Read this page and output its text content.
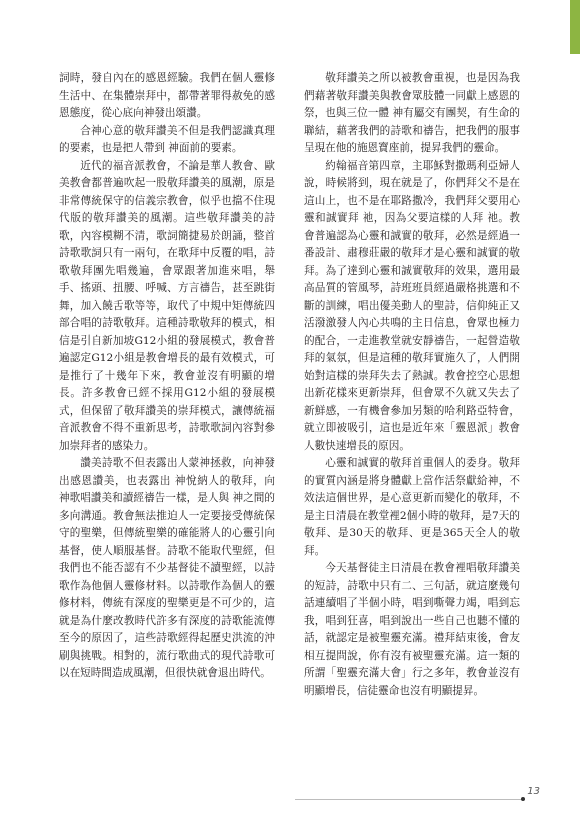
詞時，發自內在的感恩經驗。我們在個人靈修生活中、在集體崇拜中，都帶著罪得赦免的感恩態度，從心底向神發出頌讚。

合神心意的敬拜讚美不但是我們認識真理的要素，也是把人帶到 神面前的要素。

近代的福音派教會，不論是華人教會、歐美教會都普遍吹起一股敬拜讚美的風潮，原是非常傳統保守的信義宗教會，似乎也擋不住現代版的敬拜讚美的風潮。這些敬拜讚美的詩歌，內容模糊不清，歌詞簡捷易於朗誦，整首詩歌歌詞只有一兩句，在歌拜中反覆的唱，詩歌敬拜團先唱幾遍，會眾跟著加進來唱，舉手、搖頭、扭腰、呼喊、方言禱告，甚至跳街舞，加入饒舌歌等等，取代了中規中矩傳統四部合唱的詩歌敬拜。這種詩歌敬拜的模式，相信是引自新加坡G12小組的發展模式，教會普遍認定G12小組是教會增長的最有效模式，可是推行了十幾年下來，教會並沒有明顯的增長。許多教會已經不採用G12小組的發展模式，但保留了敬拜讚美的崇拜模式，讓傳統福音派教會不得不重新思考，詩歌歌詞內容對參加崇拜者的感染力。

讚美詩歌不但表露出人蒙神拯救，向神發出感恩讚美，也表露出 神悅納人的敬拜，向 神歌唱讚美和讀經禱告一樣，是人與 神之間的多向溝通。教會無法推迫人一定要接受傳統保守的聖樂，但傳統聖樂的確能將人的心靈引向基督，使人順服基督。詩歌不能取代聖經，但我們也不能否認有不少基督徒不讀聖經，以詩歌作為他個人靈修材料。以詩歌作為個人的靈修材料，傳統有深度的聖樂更是不可少的，這就是為什麼改教時代許多有深度的詩歌能流傳至今的原因了，這些詩歌經得起歷史洪流的沖刷與挑戰。相對的，流行歌曲式的現代詩歌可以在短時間造成風潮，但很快就會退出時代。

敬拜讚美之所以被教會重視，也是因為我們藉著敬拜讚美與教會眾肢體一同獻上感恩的祭，也與三位一體 神有屬交有團契，有生命的聯結，藉著我們的詩歌和禱告，把我們的服事呈現在他的施恩寶座前，提昇我們的靈命。

約翰福音第四章，主耶穌對撒瑪利亞婦人說，時候將到，現在就是了，你們拜父不是在這山上，也不是在耶路撒冷，我們拜父要用心靈和誠實拜 祂，因為父要這樣的人拜 祂。教會普遍認為心靈和誠實的敬拜，必然是經過一番設計、肅穆莊嚴的敬拜才是心靈和誠實的敬拜。為了達到心靈和誠實敬拜的效果，選用最高品質的管風琴，詩班班員經過嚴格挑選和不斷的訓練，唱出優美動人的聖詩，信仰純正又活潑激發人內心共鳴的主日信息，會眾也極力的配合，一走進教堂就安靜禱告，一起營造敬拜的氣氛，但是這種的敬拜實施久了，人們開始對這樣的崇拜失去了熱誠。教會控空心思想出新花樣來更新崇拜，但會眾不久就又失去了新鮮感，一有機會參加另類的哈利路亞特會，就立即被吸引，這也是近年來「靈恩派」教會人數快速增長的原因。

心靈和誠實的敬拜首重個人的委身。敬拜的實質內涵是將身體獻上當作活祭獻給神，不效法這個世界，是心意更新而變化的敬拜，不是主日清晨在教堂裡2個小時的敬拜，是7天的敬拜、是30天的敬拜、更是365天全人的敬拜。

今天基督徒主日清晨在教會裡唱敬拜讚美的短詩，詩歌中只有二、三句話，就這麼幾句話連續唱了半個小時，唱到嘶聲力竭，唱到忘我，唱到狂喜，唱到說出一些自己也聽不懂的話，就認定是被聖靈充滿。禮拜結束後，會友相互提問說，你有沒有被聖靈充滿。這一類的所謂「聖靈充滿大會」行之多年，教會並沒有明顯增長，信徒靈命也沒有明顯提昇。

13
